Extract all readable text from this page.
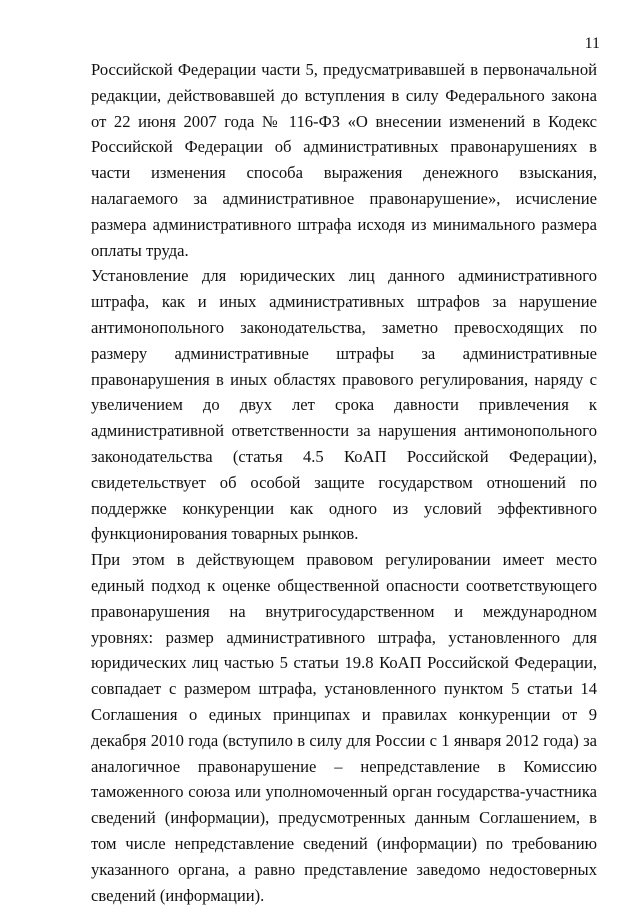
11

Российской Федерации части 5, предусматривавшей в первоначальной редакции, действовавшей до вступления в силу Федерального закона от 22 июня 2007 года № 116-ФЗ «О внесении изменений в Кодекс Российской Федерации об административных правонарушениях в части изменения способа выражения денежного взыскания, налагаемого за административное правонарушение», исчисление размера административного штрафа исходя из минимального размера оплаты труда.

Установление для юридических лиц данного административного штрафа, как и иных административных штрафов за нарушение антимонопольного законодательства, заметно превосходящих по размеру административные штрафы за административные правонарушения в иных областях правового регулирования, наряду с увеличением до двух лет срока давности привлечения к административной ответственности за нарушения антимонопольного законодательства (статья 4.5 КоАП Российской Федерации), свидетельствует об особой защите государством отношений по поддержке конкуренции как одного из условий эффективного функционирования товарных рынков.

При этом в действующем правовом регулировании имеет место единый подход к оценке общественной опасности соответствующего правонарушения на внутригосударственном и международном уровнях: размер административного штрафа, установленного для юридических лиц частью 5 статьи 19.8 КоАП Российской Федерации, совпадает с размером штрафа, установленного пунктом 5 статьи 14 Соглашения о единых принципах и правилах конкуренции от 9 декабря 2010 года (вступило в силу для России с 1 января 2012 года) за аналогичное правонарушение – непредставление в Комиссию таможенного союза или уполномоченный орган государства-участника сведений (информации), предусмотренных данным Соглашением, в том числе непредставление сведений (информации) по требованию указанного органа, а равно представление заведомо недостоверных сведений (информации).
